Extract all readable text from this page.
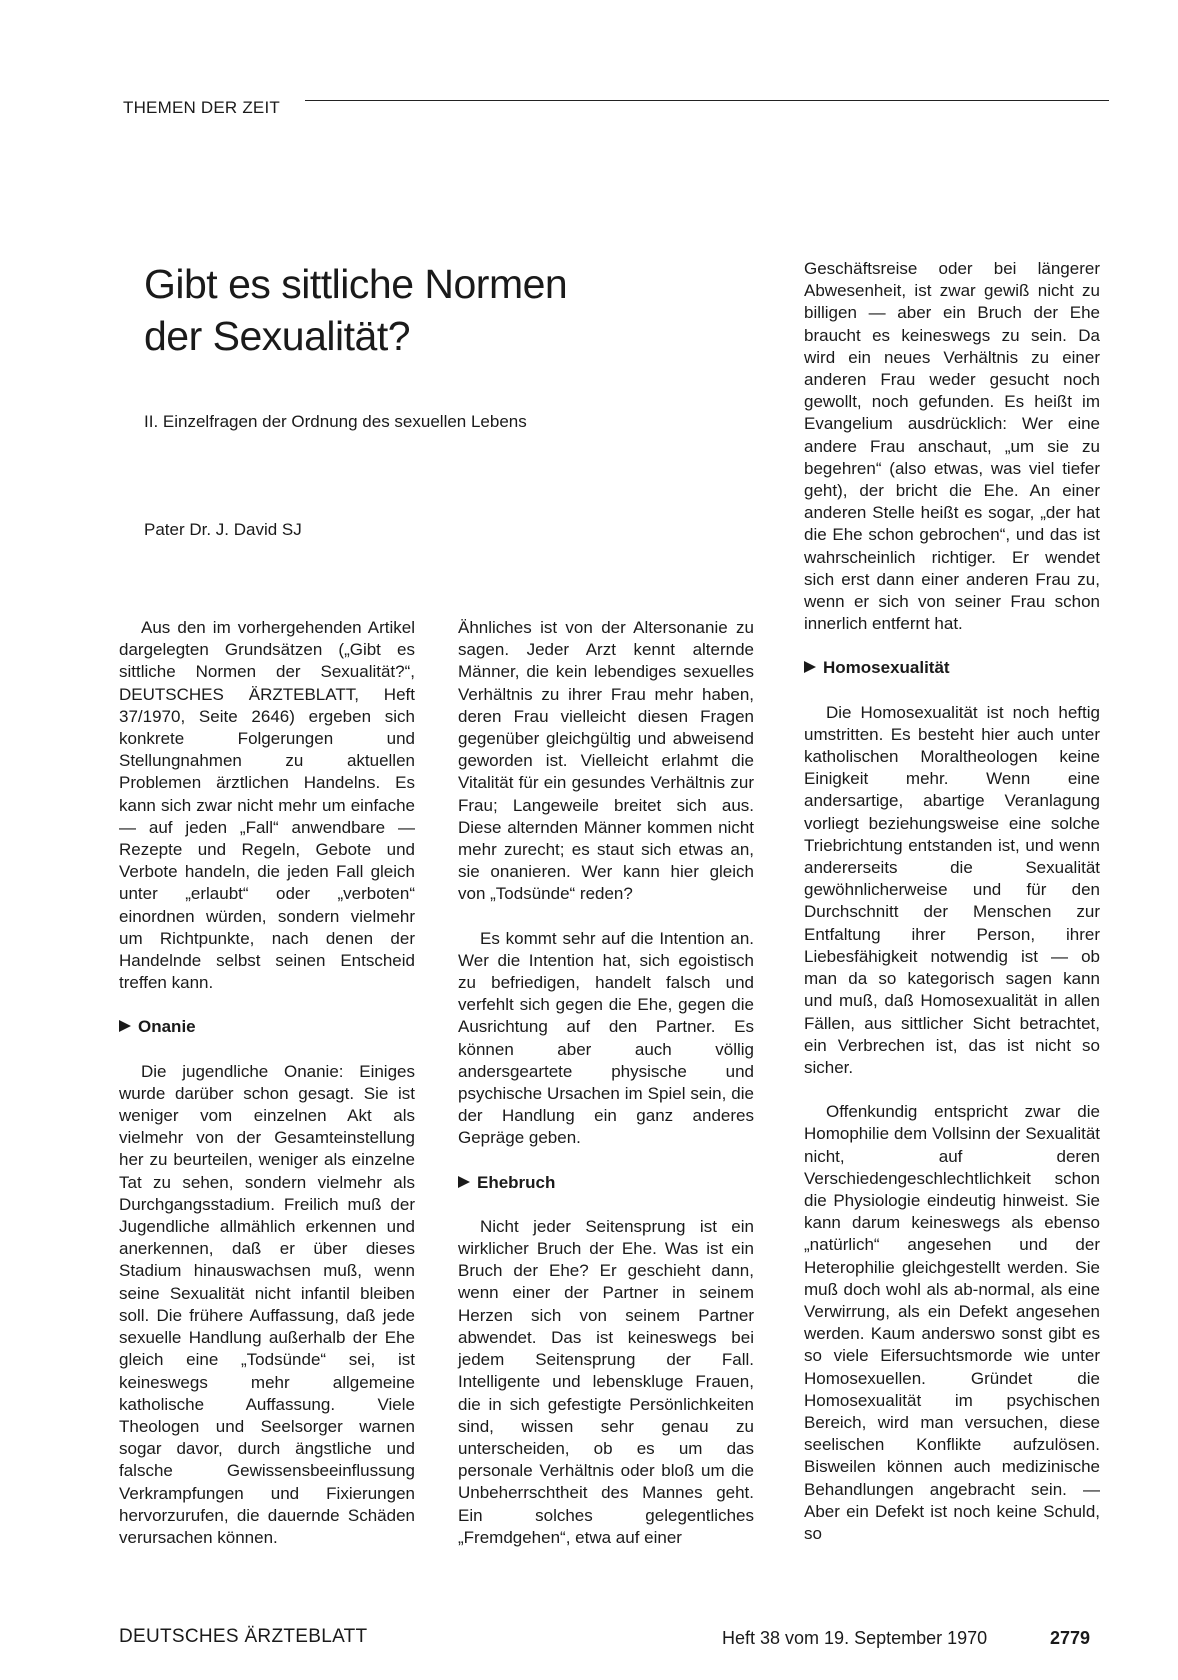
THEMEN DER ZEIT
Gibt es sittliche Normen
der Sexualität?
II. Einzelfragen der Ordnung des sexuellen Lebens
Pater Dr. J. David SJ

Aus den im vorhergehenden Artikel dargelegten Grundsätzen („Gibt es sittliche Normen der Sexualität?“, DEUTSCHES ÄRZTEBLATT, Heft 37/1970, Seite 2646) ergeben sich konkrete Folgerungen und Stellungnahmen zu aktuellen Problemen ärztlichen Handelns. Es kann sich zwar nicht mehr um einfache — auf jeden „Fall“ anwendbare — Rezepte und Regeln, Gebote und Verbote handeln, die jeden Fall gleich unter „erlaubt“ oder „verboten“ einordnen würden, sondern vielmehr um Richtpunkte, nach denen der Handelnde selbst seinen Entscheid treffen kann.

Onanie

Die jugendliche Onanie: Einiges wurde darüber schon gesagt. Sie ist weniger vom einzelnen Akt als vielmehr von der Gesamteinstellung her zu beurteilen, weniger als einzelne Tat zu sehen, sondern vielmehr als Durchgangsstadium. Freilich muß der Jugendliche allmählich erkennen und anerkennen, daß er über dieses Stadium hinauswachsen muß, wenn seine Sexualität nicht infantil bleiben soll. Die frühere Auffassung, daß jede sexuelle Handlung außerhalb der Ehe gleich eine „Todsünde“ sei, ist keineswegs mehr allgemeine katholische Auffassung. Viele Theologen und Seelsorger warnen sogar davor, durch ängstliche und falsche Gewissensbeeinflussung Verkrampfungen und Fixierungen hervorzurufen, die dauernde Schäden verursachen können.

Ähnliches ist von der Altersonanie zu sagen. Jeder Arzt kennt alternde Männer, die kein lebendiges sexuelles Verhältnis zu ihrer Frau mehr haben, deren Frau vielleicht diesen Fragen gegenüber gleichgültig und abweisend geworden ist. Vielleicht erlahmt die Vitalität für ein gesundes Verhältnis zur Frau; Langeweile breitet sich aus. Diese alternden Männer kommen nicht mehr zurecht; es staut sich etwas an, sie onanieren. Wer kann hier gleich von „Todsünde“ reden?

Es kommt sehr auf die Intention an. Wer die Intention hat, sich egoistisch zu befriedigen, handelt falsch und verfehlt sich gegen die Ehe, gegen die Ausrichtung auf den Partner. Es können aber auch völlig andersgeartete physische und psychische Ursachen im Spiel sein, die der Handlung ein ganz anderes Gepräge geben.

Ehebruch

Nicht jeder Seitensprung ist ein wirklicher Bruch der Ehe. Was ist ein Bruch der Ehe? Er geschieht dann, wenn einer der Partner in seinem Herzen sich von seinem Partner abwendet. Das ist keineswegs bei jedem Seitensprung der Fall. Intelligente und lebenskluge Frauen, die in sich gefestigte Persönlichkeiten sind, wissen sehr genau zu unterscheiden, ob es um das personale Verhältnis oder bloß um die Unbeherrschtheit des Mannes geht. Ein solches gelegentliches „Fremdgehen“, etwa auf einer

Geschäftsreise oder bei längerer Abwesenheit, ist zwar gewiß nicht zu billigen — aber ein Bruch der Ehe braucht es keineswegs zu sein. Da wird ein neues Verhältnis zu einer anderen Frau weder gesucht noch gewollt, noch gefunden. Es heißt im Evangelium ausdrücklich: Wer eine andere Frau anschaut, „um sie zu begehren“ (also etwas, was viel tiefer geht), der bricht die Ehe. An einer anderen Stelle heißt es sogar, „der hat die Ehe schon gebrochen“, und das ist wahrscheinlich richtiger. Er wendet sich erst dann einer anderen Frau zu, wenn er sich von seiner Frau schon innerlich entfernt hat.

Homosexualität

Die Homosexualität ist noch heftig umstritten. Es besteht hier auch unter katholischen Moraltheologen keine Einigkeit mehr. Wenn eine andersartige, abartige Veranlagung vorliegt beziehungsweise eine solche Triebrichtung entstanden ist, und wenn andererseits die Sexualität gewöhnlicherweise und für den Durchschnitt der Menschen zur Entfaltung ihrer Person, ihrer Liebesfähigkeit notwendig ist — ob man da so kategorisch sagen kann und muß, daß Homosexualität in allen Fällen, aus sittlicher Sicht betrachtet, ein Verbrechen ist, das ist nicht so sicher.

Offenkundig entspricht zwar die Homophilie dem Vollsinn der Sexualität nicht, auf deren Verschiedengeschlechtlichkeit schon die Physiologie eindeutig hinweist. Sie kann darum keineswegs als ebenso „natürlich“ angesehen und der Heterophilie gleichgestellt werden. Sie muß doch wohl als ab-normal, als eine Verwirrung, als ein Defekt angesehen werden. Kaum anderswo sonst gibt es so viele Eifersuchtsmorde wie unter Homosexuellen. Gründet die Homosexualität im psychischen Bereich, wird man versuchen, diese seelischen Konflikte aufzulösen. Bisweilen können auch medizinische Behandlungen angebracht sein. — Aber ein Defekt ist noch keine Schuld, so

DEUTSCHES ÄRZTEBLATT	Heft 38 vom 19. September 1970	2779
